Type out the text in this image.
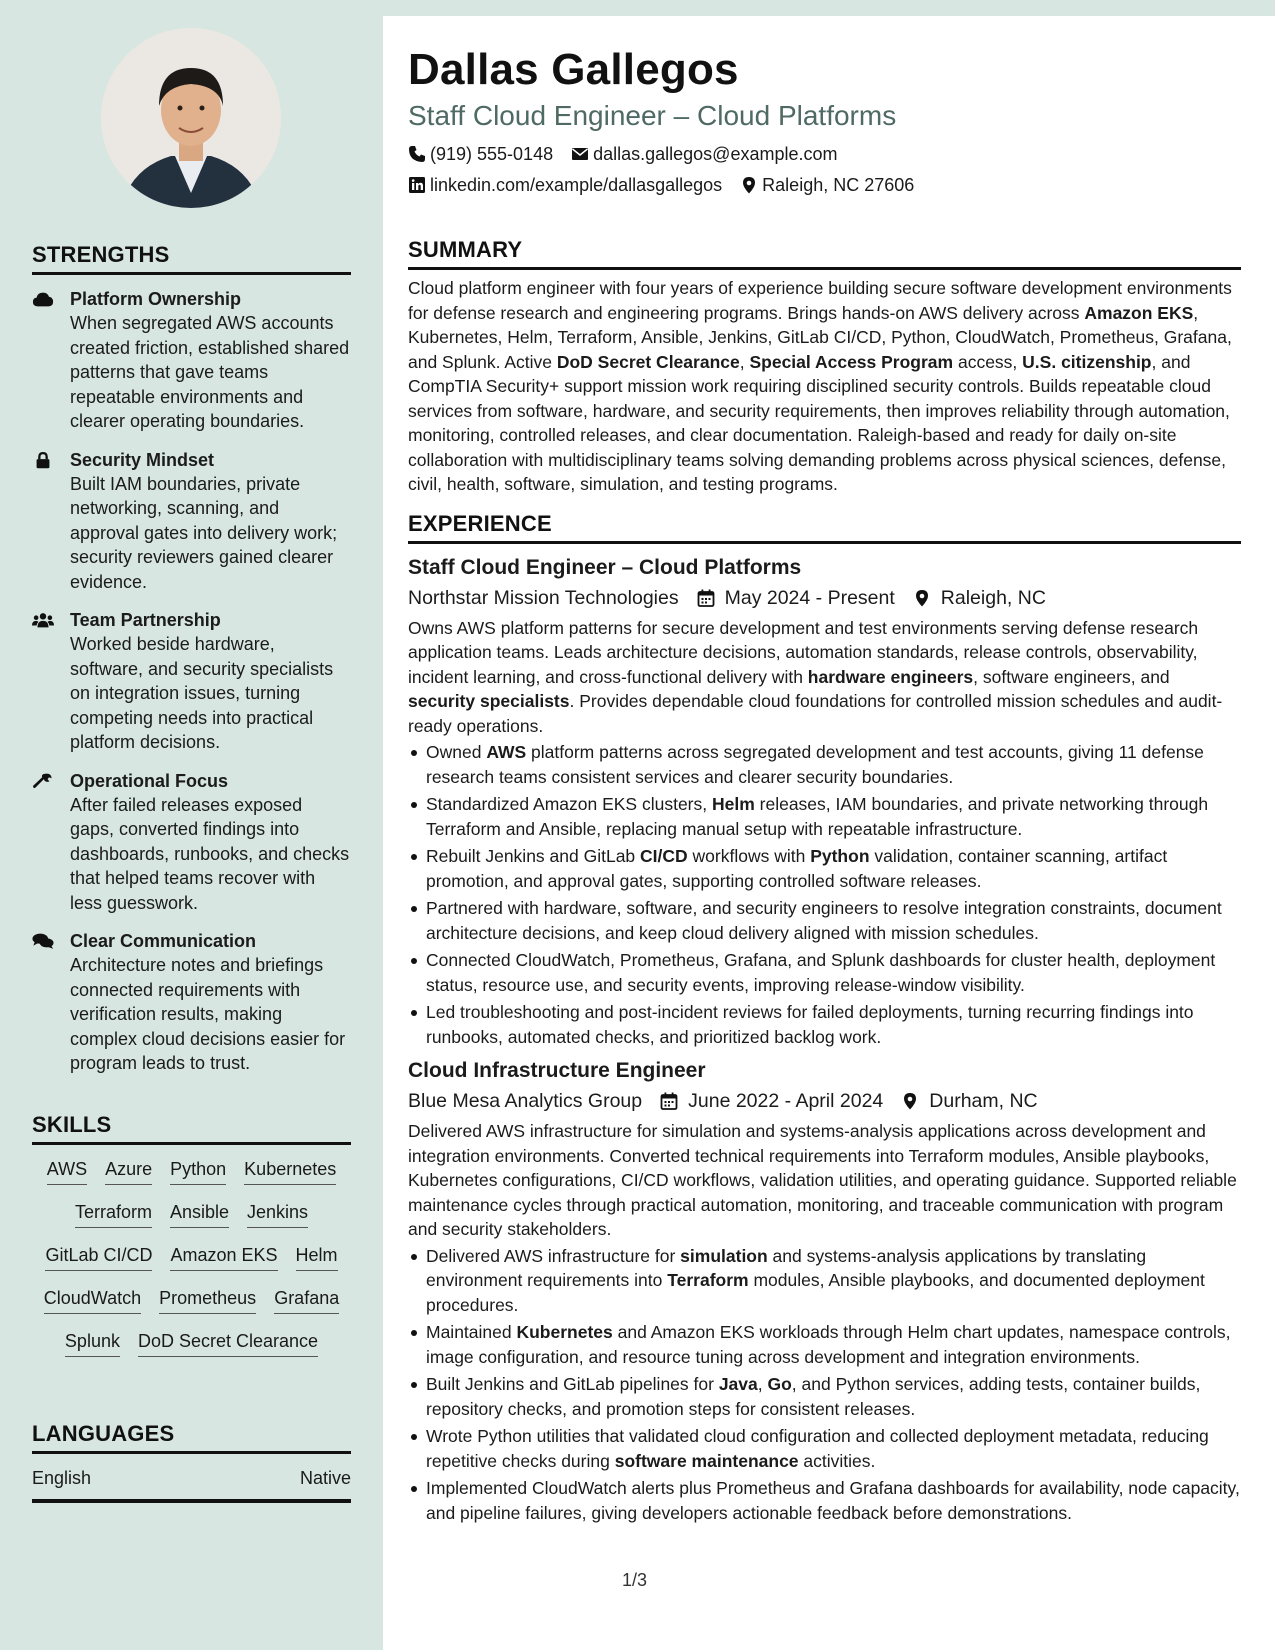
STRENGTHS
Platform Ownership
When segregated AWS accounts created friction, established shared patterns that gave teams repeatable environments and clearer operating boundaries.
Security Mindset
Built IAM boundaries, private networking, scanning, and approval gates into delivery work; security reviewers gained clearer evidence.
Team Partnership
Worked beside hardware, software, and security specialists on integration issues, turning competing needs into practical platform decisions.
Operational Focus
After failed releases exposed gaps, converted findings into dashboards, runbooks, and checks that helped teams recover with less guesswork.
Clear Communication
Architecture notes and briefings connected requirements with verification results, making complex cloud decisions easier for program leads to trust.
SKILLS
AWS Azure Python Kubernetes
Terraform Ansible Jenkins
GitLab CI/CD Amazon EKS Helm
CloudWatch Prometheus Grafana
Splunk DoD Secret Clearance
LANGUAGES
English	Native
Dallas Gallegos
Staff Cloud Engineer – Cloud Platforms
(919) 555-0148 dallas.gallegos@example.com
linkedin.com/example/dallasgallegos Raleigh, NC 27606
SUMMARY

Cloud platform engineer with four years of experience building secure software development environments for defense research and engineering programs. Brings hands-on AWS delivery across Amazon EKS, Kubernetes, Helm, Terraform, Ansible, Jenkins, GitLab CI/CD, Python, CloudWatch, Prometheus, Grafana, and Splunk. Active DoD Secret Clearance, Special Access Program access, U.S. citizenship, and CompTIA Security+ support mission work requiring disciplined security controls. Builds repeatable cloud services from software, hardware, and security requirements, then improves reliability through automation, monitoring, controlled releases, and clear documentation. Raleigh-based and ready for daily on-site collaboration with multidisciplinary teams solving demanding problems across physical sciences, defense, civil, health, software, simulation, and testing programs.

EXPERIENCE
Staff Cloud Engineer – Cloud Platforms
Northstar Mission Technologies May 2024 - Present Raleigh, NC

Owns AWS platform patterns for secure development and test environments serving defense research application teams. Leads architecture decisions, automation standards, release controls, observability, incident learning, and cross-functional delivery with hardware engineers, software engineers, and security specialists. Provides dependable cloud foundations for controlled mission schedules and audit-ready operations.

Owned AWS platform patterns across segregated development and test accounts, giving 11 defense research teams consistent services and clearer security boundaries.
Standardized Amazon EKS clusters, Helm releases, IAM boundaries, and private networking through Terraform and Ansible, replacing manual setup with repeatable infrastructure.
Rebuilt Jenkins and GitLab CI/CD workflows with Python validation, container scanning, artifact promotion, and approval gates, supporting controlled software releases.
Partnered with hardware, software, and security engineers to resolve integration constraints, document architecture decisions, and keep cloud delivery aligned with mission schedules.
Connected CloudWatch, Prometheus, Grafana, and Splunk dashboards for cluster health, deployment status, resource use, and security events, improving release-window visibility.
Led troubleshooting and post-incident reviews for failed deployments, turning recurring findings into runbooks, automated checks, and prioritized backlog work.
Cloud Infrastructure Engineer
Blue Mesa Analytics Group June 2022 - April 2024 Durham, NC

Delivered AWS infrastructure for simulation and systems-analysis applications across development and integration environments. Converted technical requirements into Terraform modules, Ansible playbooks, Kubernetes configurations, CI/CD workflows, validation utilities, and operating guidance. Supported reliable maintenance cycles through practical automation, monitoring, and traceable communication with program and security stakeholders.

Delivered AWS infrastructure for simulation and systems-analysis applications by translating environment requirements into Terraform modules, Ansible playbooks, and documented deployment procedures.
Maintained Kubernetes and Amazon EKS workloads through Helm chart updates, namespace controls, image configuration, and resource tuning across development and integration environments.
Built Jenkins and GitLab pipelines for Java, Go, and Python services, adding tests, container builds, repository checks, and promotion steps for consistent releases.
Wrote Python utilities that validated cloud configuration and collected deployment metadata, reducing repetitive checks during software maintenance activities.
Implemented CloudWatch alerts plus Prometheus and Grafana dashboards for availability, node capacity, and pipeline failures, giving developers actionable feedback before demonstrations.
1/3
